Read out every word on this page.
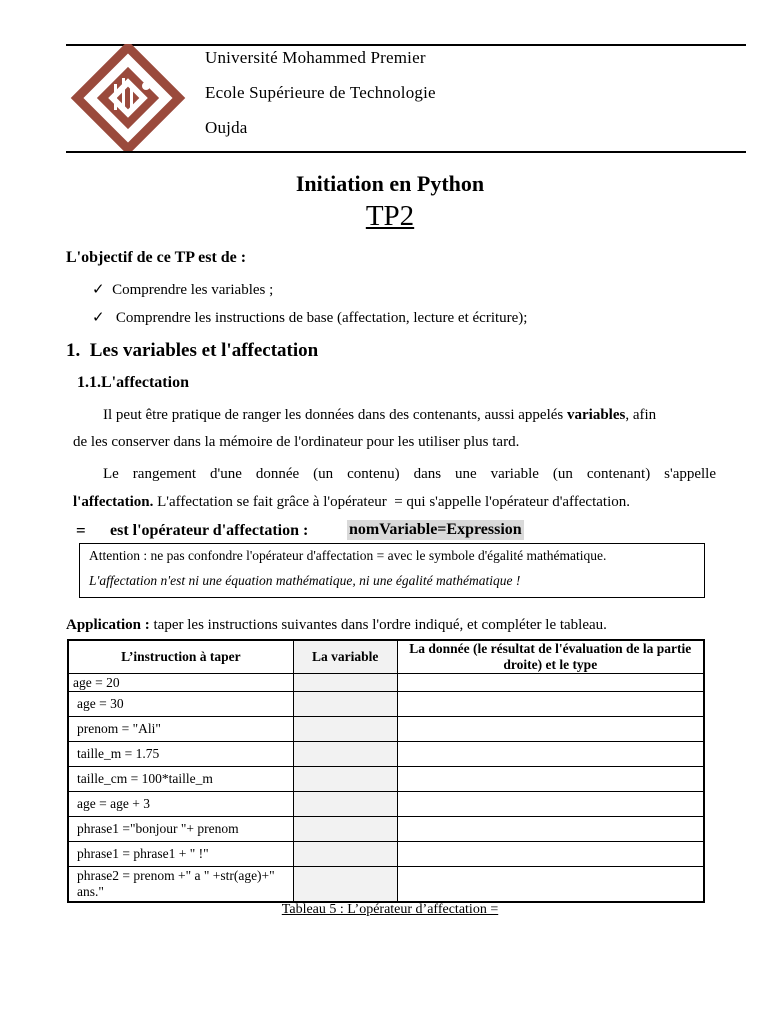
Université Mohammed Premier
Ecole Supérieure de Technologie
Oujda
Initiation en Python
TP2
L'objectif de ce TP est de :
✓ Comprendre les variables ;
✓ Comprendre les instructions de base (affectation, lecture et écriture);
1.  Les variables et l'affectation
1.1.L'affectation
Il peut être pratique de ranger les données dans des contenants, aussi appelés variables, afin
de les conserver dans la mémoire de l'ordinateur pour les utiliser plus tard.
Le rangement d'une donnée (un contenu) dans une variable (un contenant) s'appelle
l'affectation. L'affectation se fait grâce à l'opérateur  = qui s'appelle l'opérateur d'affectation.
= est l'opérateur d'affectation :	nomVariable=Expression
Attention : ne pas confondre l'opérateur d'affectation = avec le symbole d'égalité mathématique.
L'affectation n'est ni une équation mathématique, ni une égalité mathématique !
Application : taper les instructions suivantes dans l'ordre indiqué, et compléter le tableau.
L’instruction à taper	La variable	La donnée (le résultat de l'évaluation de la partie droite) et le type
age = 20		
age = 30		
prenom = "Ali"		
taille_m = 1.75		
taille_cm = 100*taille_m		
age = age + 3		
phrase1 ="bonjour "+ prenom		
phrase1 = phrase1 + " !"		
phrase2 = prenom +" a " +str(age)+" ans."		
Tableau 5 : L’opérateur d’affectation =
